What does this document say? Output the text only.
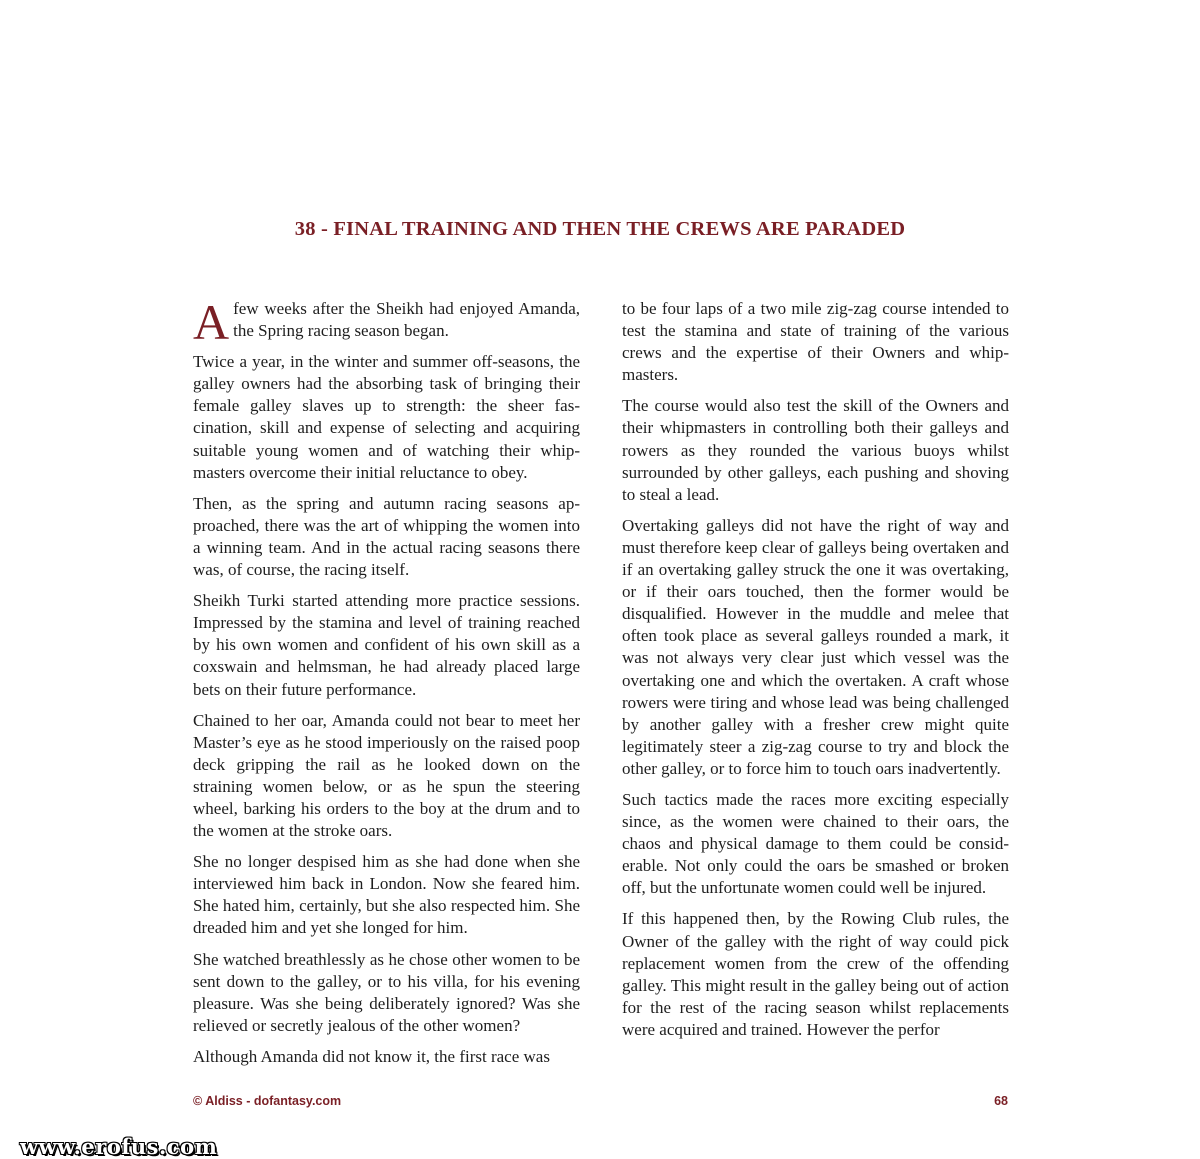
38 - FINAL TRAINING AND THEN THE CREWS ARE PARADED

Afew weeks after the Sheikh had enjoyed Amanda, the Spring racing season began.

Twice a year, in the winter and summer off-seasons, the galley owners had the absorbing task of bringing their female galley slaves up to strength: the sheer fascination, skill and expense of selecting and acquiring suitable young women and of watching their whipmasters overcome their initial reluctance to obey.

Then, as the spring and autumn racing seasons approached, there was the art of whipping the women into a winning team. And in the actual racing seasons there was, of course, the racing itself.

Sheikh Turki started attending more practice sessions. Impressed by the stamina and level of training reached by his own women and confident of his own skill as a coxswain and helmsman, he had already placed large bets on their future performance.

Chained to her oar, Amanda could not bear to meet her Master’s eye as he stood imperiously on the raised poop deck gripping the rail as he looked down on the straining women below, or as he spun the steering wheel, barking his orders to the boy at the drum and to the women at the stroke oars.

She no longer despised him as she had done when she interviewed him back in London. Now she feared him. She hated him, certainly, but she also respected him. She dreaded him and yet she longed for him.

She watched breathlessly as he chose other women to be sent down to the galley, or to his villa, for his evening pleasure. Was she being deliberately ignored? Was she relieved or secretly jealous of the other women?

Although Amanda did not know it, the first race was

to be four laps of a two mile zig-zag course intended to test the stamina and state of training of the various crews and the expertise of their Owners and whipmasters.

The course would also test the skill of the Owners and their whipmasters in controlling both their galleys and rowers as they rounded the various buoys whilst surrounded by other galleys, each pushing and shoving to steal a lead.

Overtaking galleys did not have the right of way and must therefore keep clear of galleys being overtaken and if an overtaking galley struck the one it was overtaking, or if their oars touched, then the former would be disqualified. However in the muddle and melee that often took place as several galleys rounded a mark, it was not always very clear just which vessel was the overtaking one and which the overtaken. A craft whose rowers were tiring and whose lead was being challenged by another galley with a fresher crew might quite legitimately steer a zig-zag course to try and block the other galley, or to force him to touch oars inadvertently.

Such tactics made the races more exciting especially since, as the women were chained to their oars, the chaos and physical damage to them could be considerable. Not only could the oars be smashed or broken off, but the unfortunate women could well be injured.

If this happened then, by the Rowing Club rules, the Owner of the galley with the right of way could pick replacement women from the crew of the offending galley. This might result in the galley being out of action for the rest of the racing season whilst replacements were acquired and trained. However the perfor

© Aldiss - dofantasy.com	68
www.erofus.com
